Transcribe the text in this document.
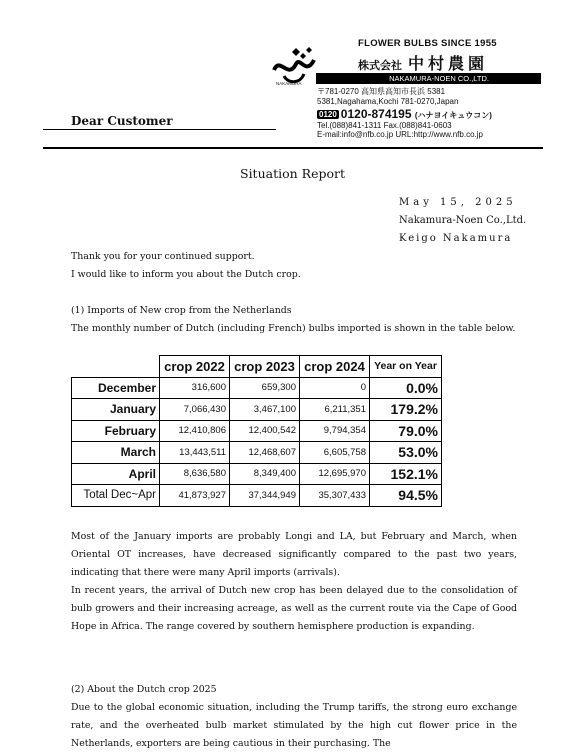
FLOWER BULBS SINCE 1955
株式会社 中村農園
NAKAMURA
NAKAMURA-NOEN CO.,LTD.
〒781-0270 高知県高知市長浜 5381
5381,Nagahama,Kochi 781-0270,Japan
0120 0120-874195 (ハナヨイキュウコン)
Tel.(088)841-1311 Fax.(088)841-0603
E-mail:info@nfb.co.jp URL:http://www.nfb.co.jp
Dear Customer
Situation Report
May 15, 2025
Nakamura-Noen Co.,Ltd.
Keigo Nakamura
Thank you for your continued support.
I would like to inform you about the Dutch crop.
(1) Imports of New crop from the Netherlands
The monthly number of Dutch (including French) bulbs imported is shown in the table below.
	crop 2022	crop 2023	crop 2024	Year on Year
December	316,600	659,300	0	0.0%
January	7,066,430	3,467,100	6,211,351	179.2%
February	12,410,806	12,400,542	9,794,354	79.0%
March	13,443,511	12,468,607	6,605,758	53.0%
April	8,636,580	8,349,400	12,695,970	152.1%
Total Dec~Apr	41,873,927	37,344,949	35,307,433	94.5%
Most of the January imports are probably Longi and LA, but February and March, when Oriental OT increases, have decreased significantly compared to the past two years, indicating that there were many April imports (arrivals).
In recent years, the arrival of Dutch new crop has been delayed due to the consolidation of bulb growers and their increasing acreage, as well as the current route via the Cape of Good Hope in Africa. The range covered by southern hemisphere production is expanding.
(2) About the Dutch crop 2025
Due to the global economic situation, including the Trump tariffs, the strong euro exchange rate, and the overheated bulb market stimulated by the high cut flower price in the Netherlands, exporters are being cautious in their purchasing. The
